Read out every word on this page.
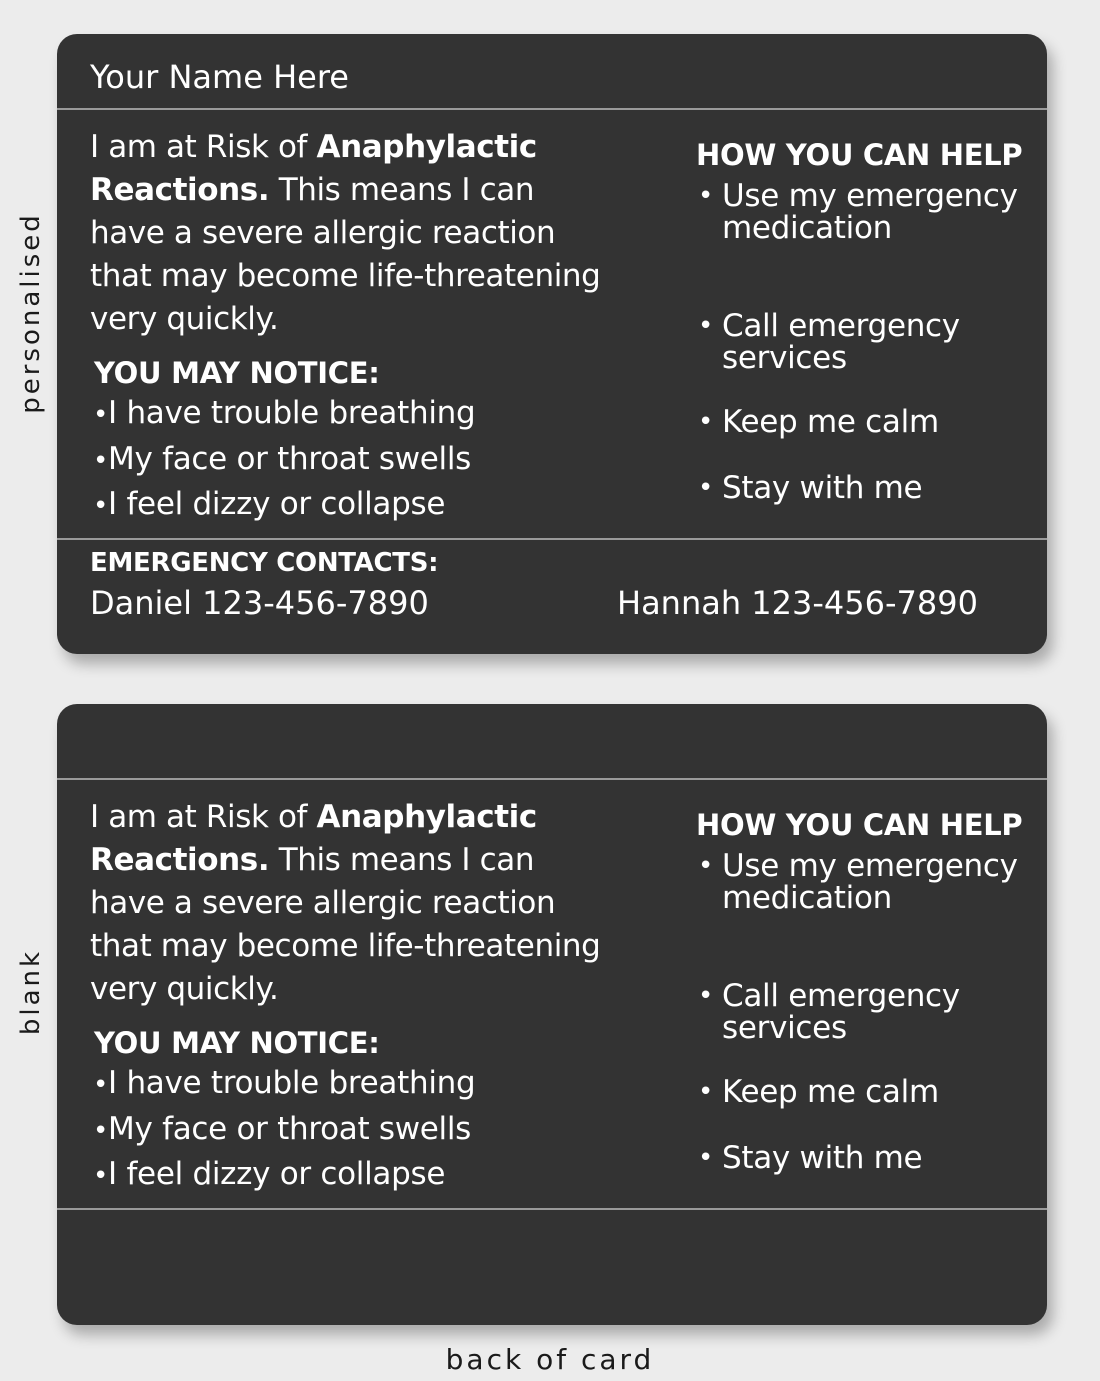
personalised
blank
Your Name Here
I am at Risk of Anaphylactic Reactions. This means I can have a severe allergic reaction that may become life-threatening very quickly.
YOU MAY NOTICE:
• I have trouble breathing
• My face or throat swells
• I feel dizzy or collapse
HOW YOU CAN HELP
• Use my emergency medication
• Call emergency services
• Keep me calm
• Stay with me
EMERGENCY CONTACTS:
Daniel 123-456-7890	Hannah 123-456-7890
I am at Risk of Anaphylactic Reactions. This means I can have a severe allergic reaction that may become life-threatening very quickly.
YOU MAY NOTICE:
• I have trouble breathing
• My face or throat swells
• I feel dizzy or collapse
HOW YOU CAN HELP
• Use my emergency medication
• Call emergency services
• Keep me calm
• Stay with me
back of card
